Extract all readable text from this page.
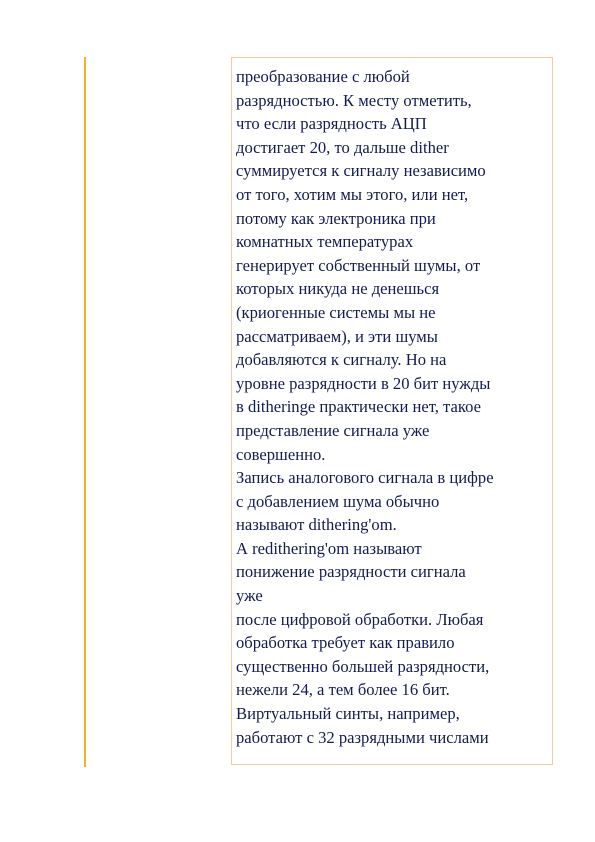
преобразование с любой
разрядностью. К месту отметить,
что если разрядность АЦП
достигает 20, то дальше dither
суммируется к сигналу независимо
от того, хотим мы этого, или нет,
потому как электроника при
комнатных температурах
генерирует собственный шумы, от
которых никуда не денешься
(криогенные системы мы не
рассматриваем), и эти шумы
добавляются к сигналу. Но на
уровне разрядности в 20 бит нужды
в ditheringe практически нет, такое
представление сигнала уже
совершенно.
Запись аналогового сигнала в цифре
с добавлением шума обычно
называют dithering'om.
А redithering'om называют
понижение разрядности сигнала
уже
после цифровой обработки. Любая
обработка требует как правило
существенно большей разрядности,
нежели 24, а тем более 16 бит.
Виртуальный синты, например,
работают с 32 разрядными числами
